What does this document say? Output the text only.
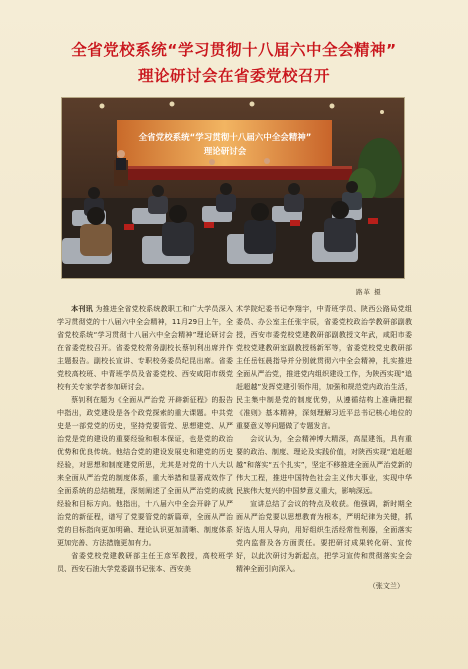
全省党校系统“学习贯彻十八届六中全会精神”
理论研讨会在省委党校召开
全省党校系统“学习贯彻十八届六中全会精神”
理论研讨会
路革 摄

本刊讯 为推进全省党校系统教职工和广大学员深入学习贯彻党的十八届六中全会精神，11月29日上午，全省党校系统“学习贯彻十八届六中全会精神”理论研讨会在省委党校召开。省委党校常务副校长蔡钊利出席并作主题报告。副校长宣讲、专职校务委员纪昆出席。省委党校高校班、中青班学员及省委党校、西安咸阳市级党校有关专家学者参加研讨会。

蔡钊利在题为《全面从严治党 开辟新征程》的报告中指出，政党建设是各个政党探索的重大课题。中共党史是一部党党的历史，坚持党要管党、思想建党、从严治党是党的建设的重要经验和根本保证，也是党的政治优势和优良传统。他结合党的建设发展史和建党的历史经验，对思想和制度建党所思，尤其是对党的十八大以来全面从严治党的制度体系，重大举措和显著成效作了全面系统的总结梳理，深刻阐述了全面从严治党的成就经验和目标方向。他指出，十八届六中全会开辟了从严治党的新征程，谱写了党要管党的新篇章，全面从严治党的目标指向更加明确、理论认识更加清晰、制度体系更加完善、方法措施更加有力。

省委党校党建教研部主任王彦军教授，高校班学员、西安石油大学党委副书记张本、西安美

术学院纪委书记李翔宇，中青班学员、陕西公路局党组委员、办公室主任张宇辰，省委党校政治学教研部副教授，西安市委党校党建教研部副教授文年武，咸阳市委党校党建教研室副教授杨新军等，省委党校党史教研部主任岳钰晨指导并分别就贯彻六中全会精神，扎实推进全面从严治党，推进党内组织建设工作，为陕西实现“追赶超越”发挥党建引领作用，加强和规范党内政治生活，民主集中制是党的制度优势，从遵循结构上准确把握《准则》基本精神，深刻理解习近平总书记核心地位的重要意义等问题做了专题发言。

会议认为，全会精神博大精深，高屋建瓴，具有重要的政治、制度、理论及实践价值，对陕西实现“追赶超越”和落实“五个扎实”，坚定不移推进全面从严治党新的伟大工程，推进中国特色社会主义伟大事业，实现中华民族伟大复兴的中国梦意义重大，影响深远。

宣讲总结了会议的特点及收获。他强调，新时期全面从严治党要以思想教育为根本，严明纪律为关键，抓好选人用人导向，用好组织生活经常性利器，全面落实党内监督及各方面责任。要把研讨成果转化研、宣传好，以此次研讨为新起点，把学习宣传和贯彻落实全会精神全面引向深入。

（张文兰）
